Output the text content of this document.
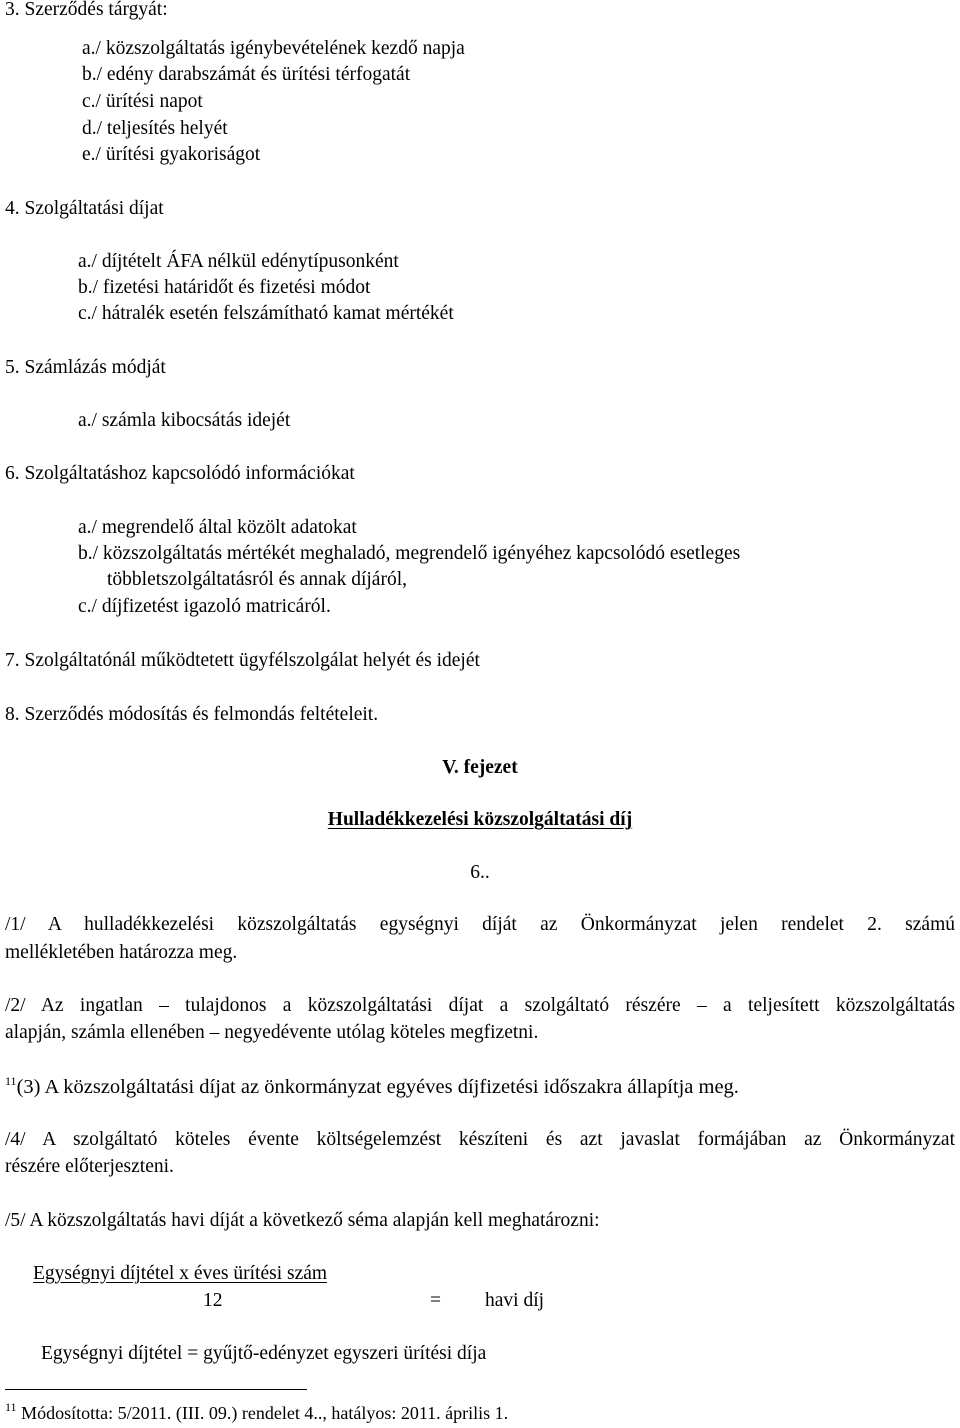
3. Szerződés tárgyát:
a./ közszolgáltatás igénybevételének kezdő napja
b./ edény darabszámát és ürítési térfogatát
c./ ürítési napot
d./ teljesítés helyét
e./ ürítési gyakoriságot
4. Szolgáltatási díjat
a./ díjtételt ÁFA nélkül edénytípusonként
b./ fizetési határidőt és fizetési módot
c./ hátralék esetén felszámítható kamat mértékét
5. Számlázás módját
a./ számla kibocsátás idejét
6. Szolgáltatáshoz kapcsolódó információkat
a./ megrendelő által közölt adatokat
b./ közszolgáltatás mértékét meghaladó, megrendelő igényéhez kapcsolódó esetleges
többletszolgáltatásról és annak díjáról,
c./ díjfizetést igazoló matricáról.
7. Szolgáltatónál működtetett ügyfélszolgálat helyét és idejét
8. Szerződés módosítás és felmondás feltételeit.
V. fejezet
Hulladékkezelési közszolgáltatási díj
6..
/1/ A hulladékkezelési közszolgáltatás egységnyi díját az Önkormányzat jelen rendelet 2. számú
mellékletében határozza meg.
/2/ Az ingatlan – tulajdonos a közszolgáltatási díjat a szolgáltató részére – a teljesített közszolgáltatás
alapján, számla ellenében – negyedévente utólag köteles megfizetni.
$^{11}$(3) A közszolgáltatási díjat az önkormányzat egyéves díjfizetési időszakra állapítja meg.
/4/ A szolgáltató köteles évente költségelemzést készíteni és azt javaslat formájában az Önkormányzat
részére előterjeszteni.
/5/ A közszolgáltatás havi díját a következő séma alapján kell meghatározni:
Egységnyi díjtétel x éves ürítési szám
12	= havi díj
Egységnyi díjtétel = gyűjtő-edényzet egyszeri ürítési díja
$^{11}$ Módosította: 5/2011. (III. 09.) rendelet 4.., hatályos: 2011. április 1.
